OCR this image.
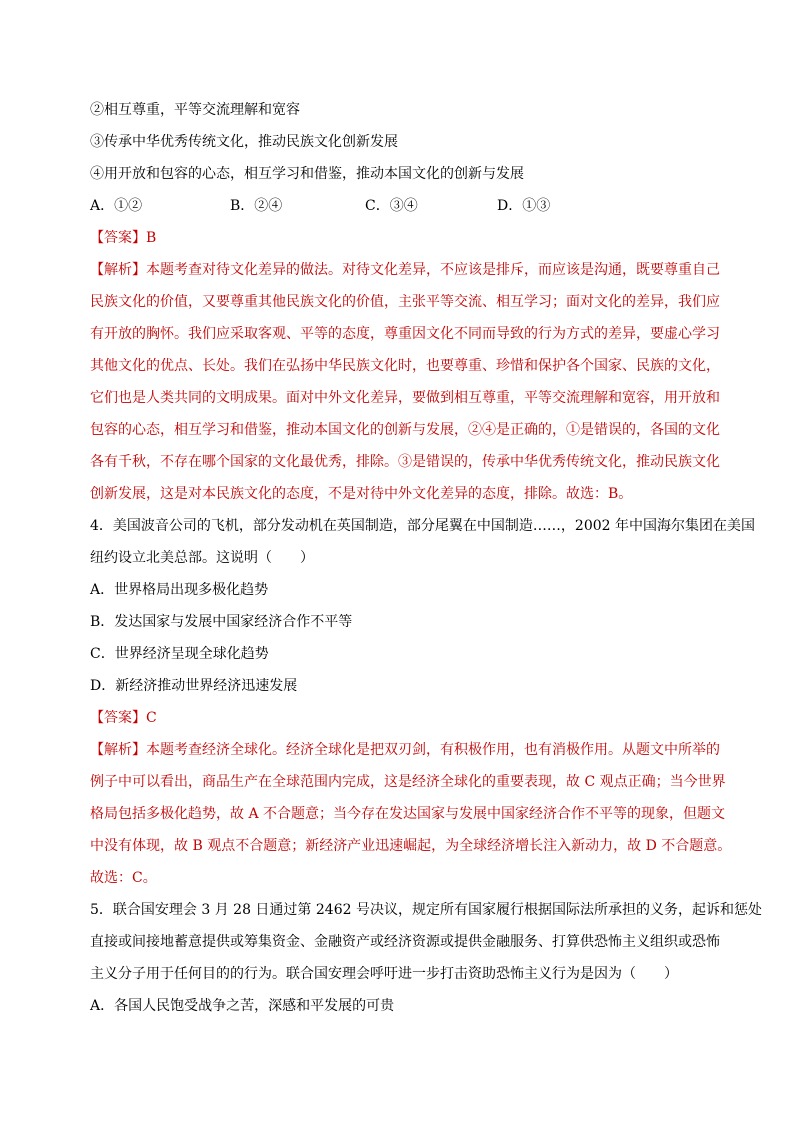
②相互尊重，平等交流理解和宽容
③传承中华优秀传统文化，推动民族文化创新发展
④用开放和包容的心态，相互学习和借鉴，推动本国文化的创新与发展
A．①②	B．②④	C．③④	D．①③
【答案】B
【解析】本题考查对待文化差异的做法。对待文化差异，不应该是排斥，而应该是沟通，既要尊重自己
民族文化的价值，又要尊重其他民族文化的价值，主张平等交流、相互学习；面对文化的差异，我们应
有开放的胸怀。我们应采取客观、平等的态度，尊重因文化不同而导致的行为方式的差异，要虚心学习
其他文化的优点、长处。我们在弘扬中华民族文化时，也要尊重、珍惜和保护各个国家、民族的文化，
它们也是人类共同的文明成果。面对中外文化差异，要做到相互尊重，平等交流理解和宽容，用开放和
包容的心态，相互学习和借鉴，推动本国文化的创新与发展，②④是正确的，①是错误的，各国的文化
各有千秋，不存在哪个国家的文化最优秀，排除。③是错误的，传承中华优秀传统文化，推动民族文化
创新发展，这是对本民族文化的态度，不是对待中外文化差异的态度，排除。故选：B。
4．美国波音公司的飞机，部分发动机在英国制造，部分尾翼在中国制造……，2002 年中国海尔集团在美国
纽约设立北美总部。这说明（　　）
A．世界格局出现多极化趋势
B．发达国家与发展中国家经济合作不平等
C．世界经济呈现全球化趋势
D．新经济推动世界经济迅速发展
【答案】C
【解析】本题考查经济全球化。经济全球化是把双刃剑，有积极作用，也有消极作用。从题文中所举的
例子中可以看出，商品生产在全球范围内完成，这是经济全球化的重要表现，故 C 观点正确；当今世界
格局包括多极化趋势，故 A 不合题意；当今存在发达国家与发展中国家经济合作不平等的现象，但题文
中没有体现，故 B 观点不合题意；新经济产业迅速崛起，为全球经济增长注入新动力，故 D 不合题意。
故选：C。
5．联合国安理会 3 月 28 日通过第 2462 号决议，规定所有国家履行根据国际法所承担的义务，起诉和惩处
直接或间接地蓄意提供或筹集资金、金融资产或经济资源或提供金融服务、打算供恐怖主义组织或恐怖
主义分子用于任何目的的行为。联合国安理会呼吁进一步打击资助恐怖主义行为是因为（　　）
A．各国人民饱受战争之苦，深感和平发展的可贵
